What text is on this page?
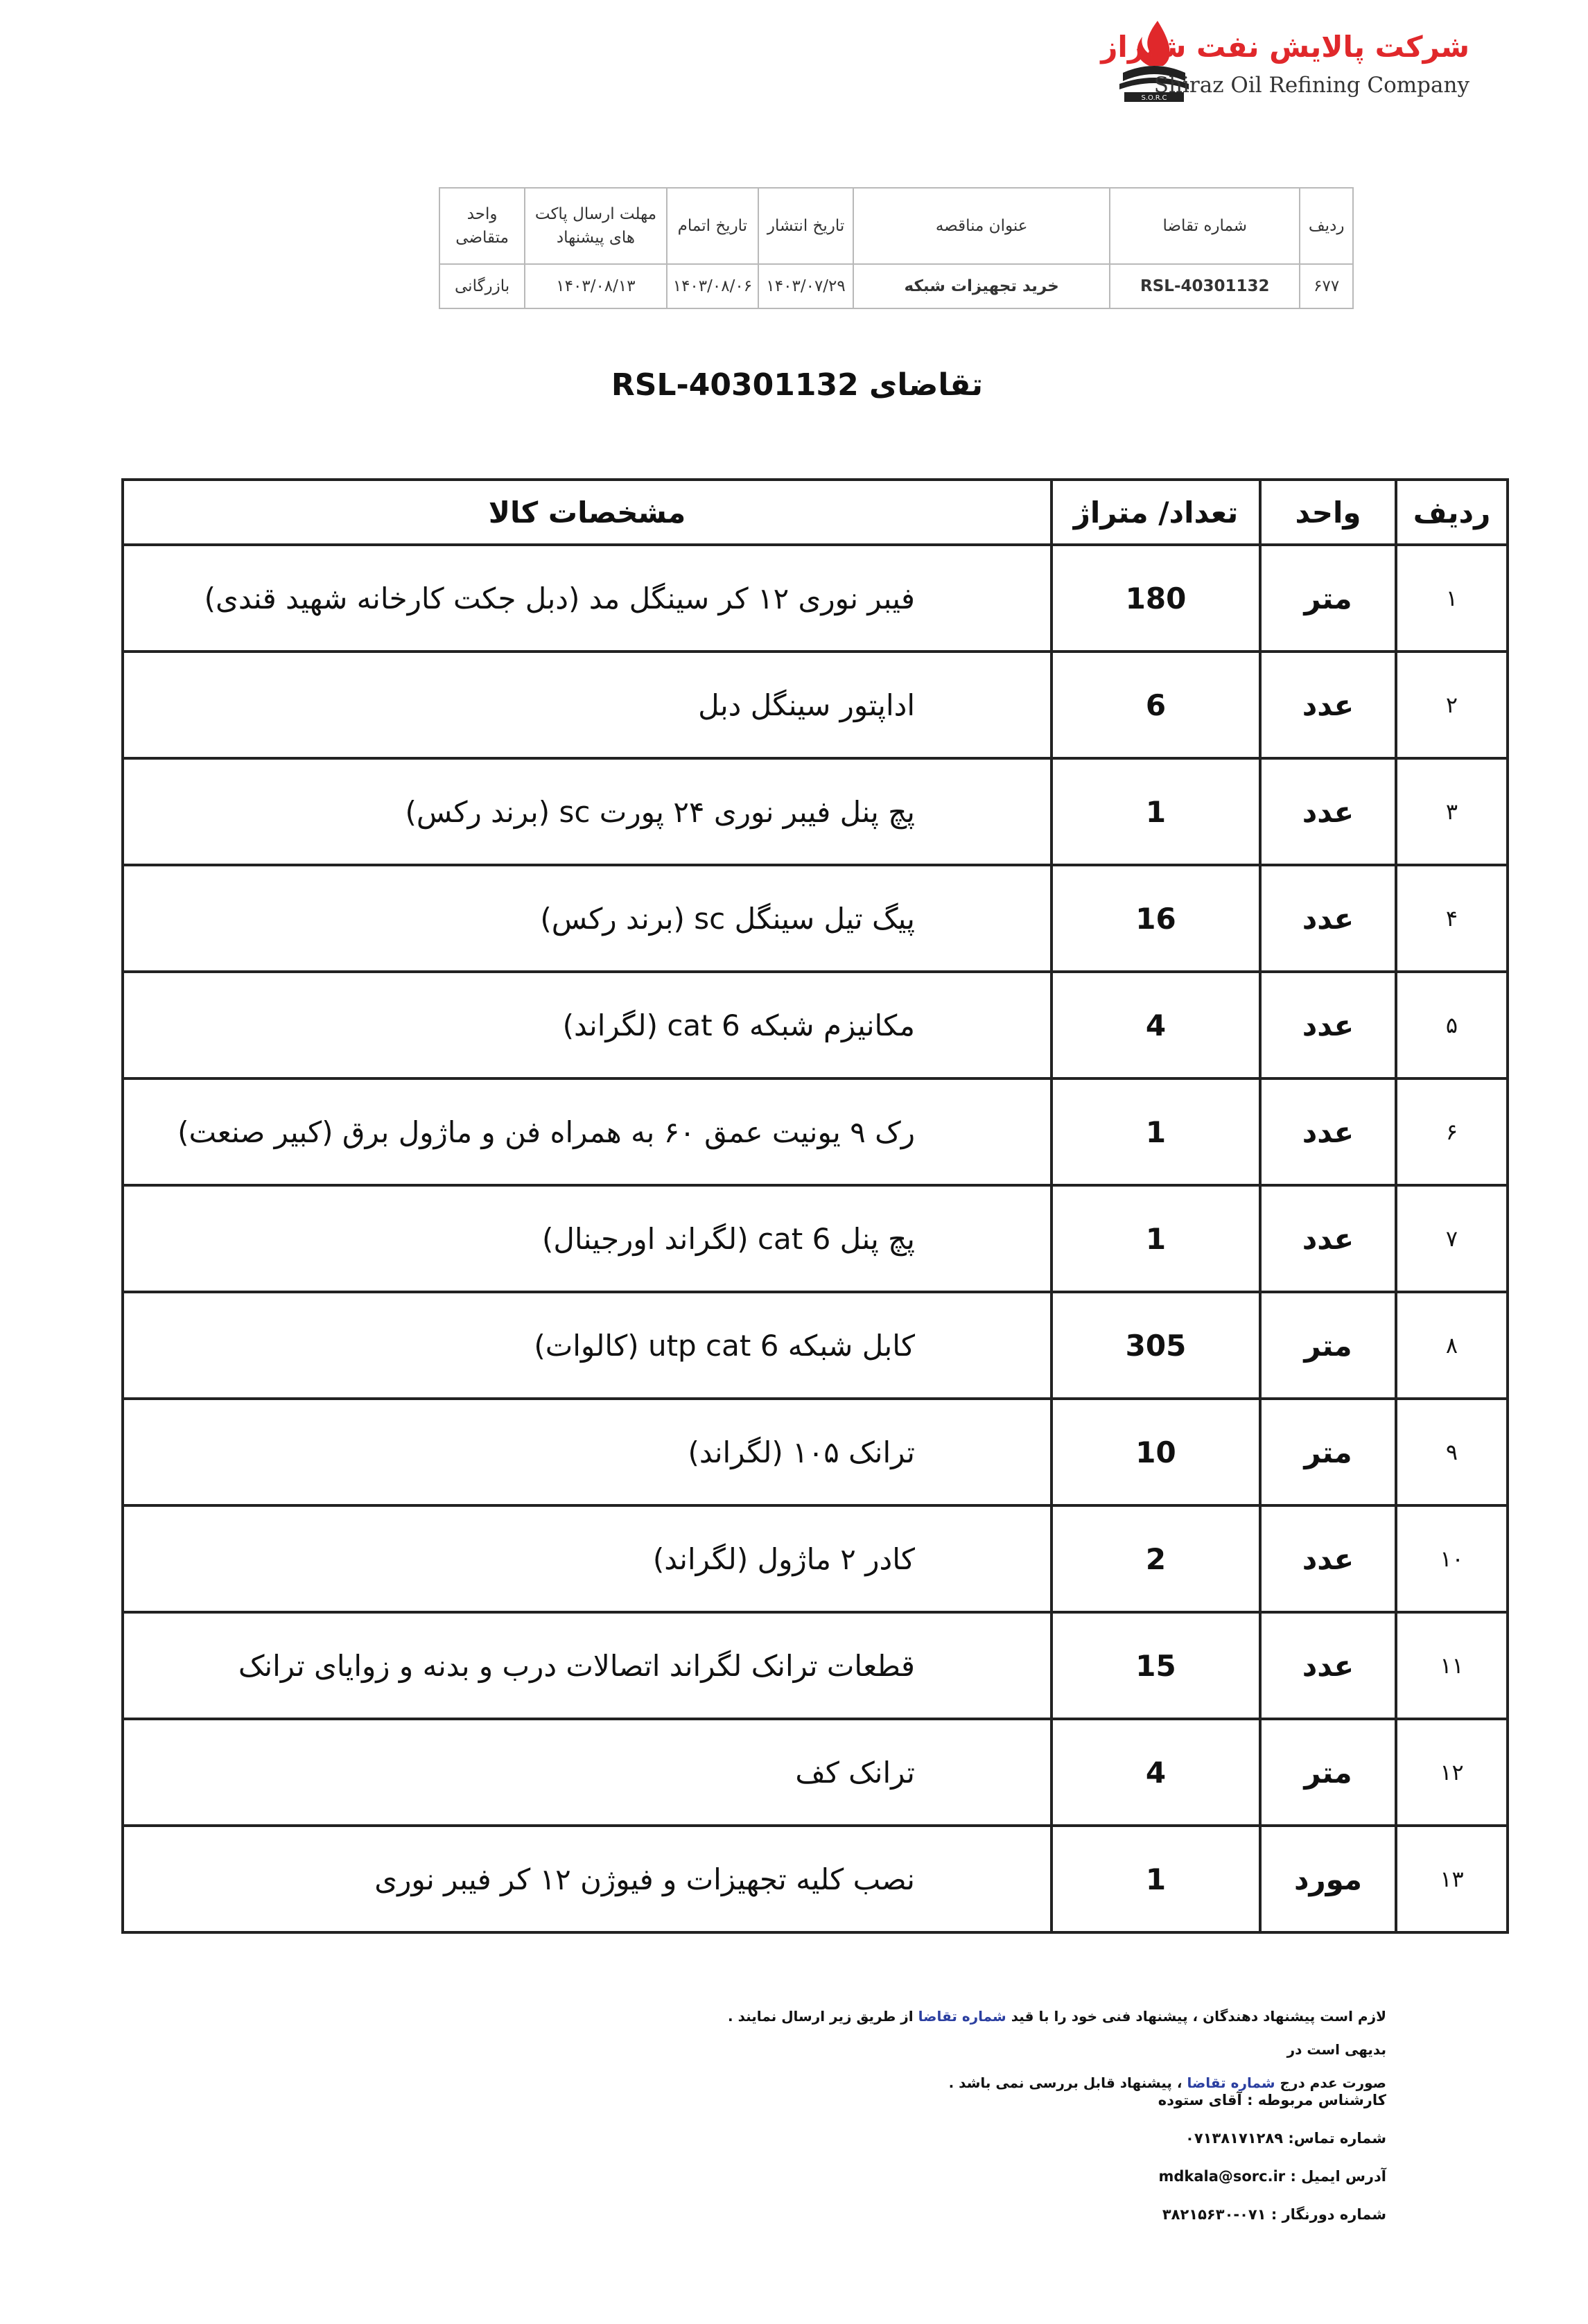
S.O.R.C
شرکت پالایش نفت شیراز
Shiraz Oil Refining Company
ردیف	شماره تقاضا	عنوان مناقصه	تاریخ انتشار	تاریخ اتمام	مهلت ارسال پاکت های پیشنهاد	واحد متقاضی
۶۷۷	RSL-40301132	خرید تجهیزات شبکه	۱۴۰۳/۰۷/۲۹	۱۴۰۳/۰۸/۰۶	۱۴۰۳/۰۸/۱۳	بازرگانی
تقاضای RSL-40301132
ردیف	واحد	تعداد/ متراژ	مشخصات کالا
۱	متر	180	فیبر نوری ۱۲ کر سینگل مد (دبل جکت کارخانه شهید قندی)
۲	عدد	6	اداپتور سینگل دبل
۳	عدد	1	پچ پنل فیبر نوری ۲۴ پورت sc (برند رکس)
۴	عدد	16	پیگ تیل سینگل sc (برند رکس)
۵	عدد	4	مکانیزم شبکه cat 6 (لگراند)
۶	عدد	1	رک ۹ یونیت عمق ۶۰ به همراه فن و ماژول برق (کبیر صنعت)
۷	عدد	1	پچ پنل cat 6 (لگراند اورجینال)
۸	متر	305	کابل شبکه utp cat 6 (کالوات)
۹	متر	10	ترانک ۱۰۵ (لگراند)
۱۰	عدد	2	کادر ۲ ماژول (لگراند)
۱۱	عدد	15	قطعات ترانک لگراند اتصالات درب و بدنه و زوایای ترانک
۱۲	متر	4	ترانک کف
۱۳	مورد	1	نصب کلیه تجهیزات و فیوژن ۱۲ کر فیبر نوری
لازم است پیشنهاد دهندگان ، پیشنهاد فنی خود را با قید شماره تقاضا از طریق زیر ارسال نمایند . بدیهی است در
صورت عدم درج شماره تقاضا ، پیشنهاد قابل بررسی نمی باشد .
کارشناس مربوطه : آقای ستوده
شماره تماس: ۰۷۱۳۸۱۷۱۲۸۹
آدرس ایمیل : mdkala@sorc.ir
شماره دورنگار : ۰۷۱-۳۸۲۱۵۶۳۰
